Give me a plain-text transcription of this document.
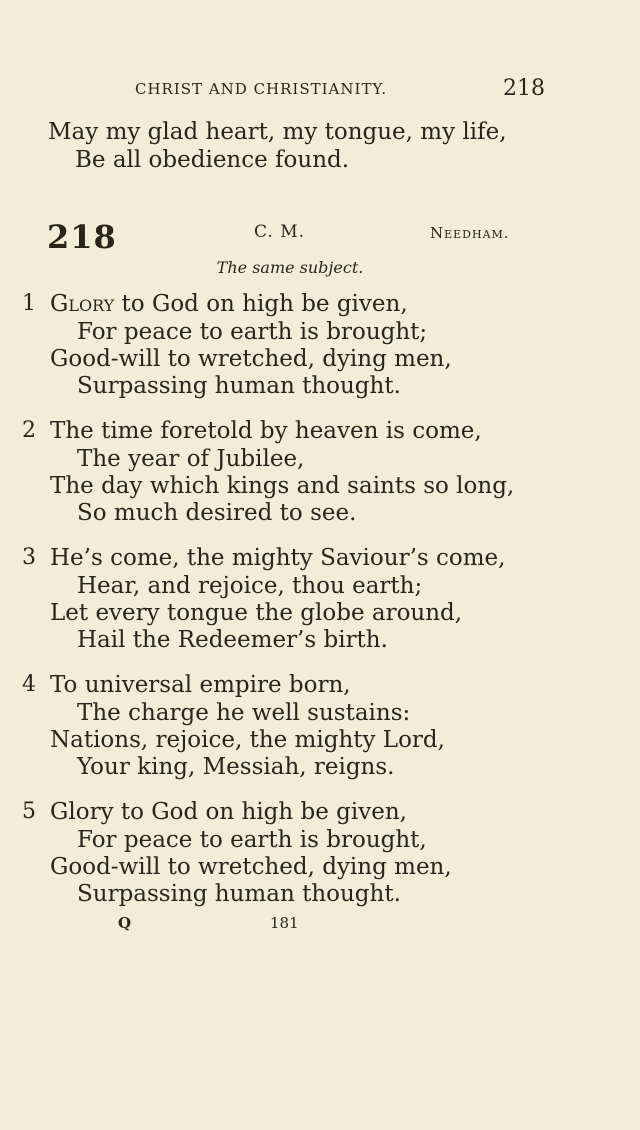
CHRIST AND CHRISTIANITY.	218
May my glad heart, my tongue, my life,
Be all obedience found.
218	C. M.	Needham.
The same subject.
1 Glory to God on high be given,
For peace to earth is brought;
Good-will to wretched, dying men,
Surpassing human thought.
2 The time foretold by heaven is come,
The year of Jubilee,
The day which kings and saints so long,
So much desired to see.
3 He’s come, the mighty Saviour’s come,
Hear, and rejoice, thou earth;
Let every tongue the globe around,
Hail the Redeemer’s birth.
4 To universal empire born,
The charge he well sustains:
Nations, rejoice, the mighty Lord,
Your king, Messiah, reigns.
5 Glory to God on high be given,
For peace to earth is brought,
Good-will to wretched, dying men,
Surpassing human thought.
Q	181
